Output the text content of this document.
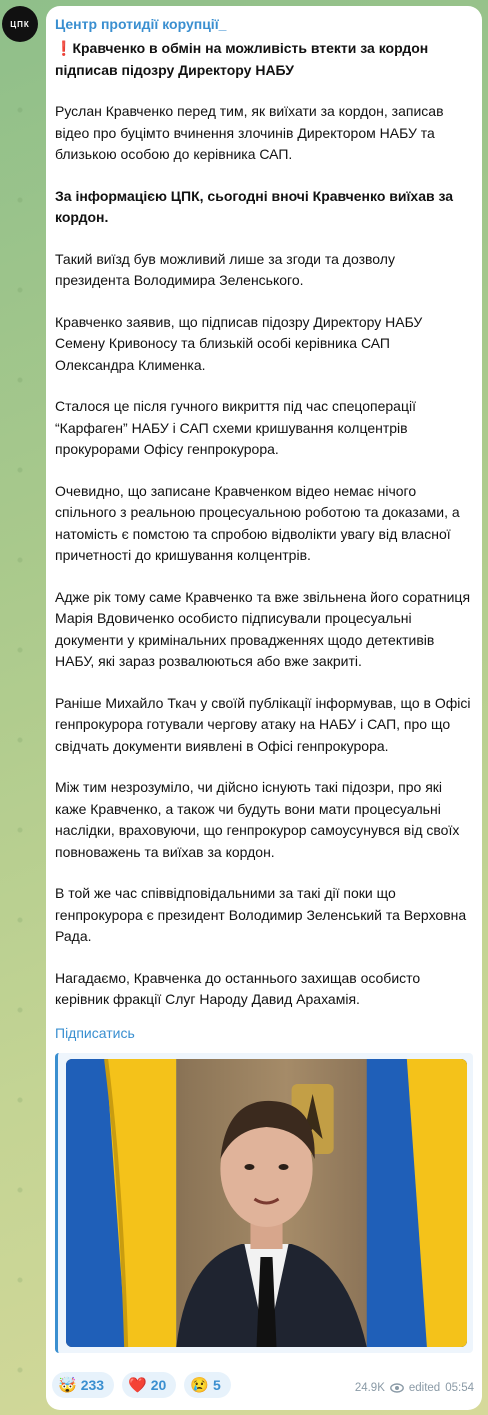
ЦПК Центр протидії корупції_

❗Кравченко в обмін на можливість втекти за кордон підписав підозру Директору НАБУ

Руслан Кравченко перед тим, як виїхати за кордон, записав відео про буцімто вчинення злочинів Директором НАБУ та близькою особою до керівника САП.

За інформацією ЦПК, сьогодні вночі Кравченко виїхав за кордон.

Такий виїзд був можливий лише за згоди та дозволу президента Володимира Зеленського.

Кравченко заявив, що підписав підозру Директору НАБУ Семену Кривоносу та близькій особі керівника САП Олександра Клименка.

Сталося це після гучного викриття під час спецоперації “Карфаген” НАБУ і САП схеми кришування колцентрів прокурорами Офісу генпрокурора.

Очевидно, що записане Кравченком відео немає нічого спільного з реальною процесуальною роботою та доказами, а натомість є помстою та спробою відволікти увагу від власної причетності до кришування колцентрів.

Адже рік тому саме Кравченко та вже звільнена його соратниця Марія Вдовиченко особисто підписували процесуальні документи у кримінальних провадженнях щодо детективів НАБУ, які зараз розвалюються або вже закриті.

Раніше Михайло Ткач у своїй публікації інформував, що в Офісі генпрокурора готували чергову атаку на НАБУ і САП, про що свідчать документи виявлені в Офісі генпрокурора.

Між тим незрозуміло, чи дійсно існують такі підозри, про які каже Кравченко, а також чи будуть вони мати процесуальні наслідки, враховуючи, що генпрокурор самоусунувся від своїх повноважень та виїхав за кордон.

В той же час співвідповідальними за такі дії поки що генпрокурора є президент Володимир Зеленський та Верховна Рада.

Нагадаємо, Кравченка до останнього захищав особисто керівник фракції Слуг Народу Давид Арахамія.

Підписатись
🤯 233 ❤️ 20 😢 5	24.9K edited 05:54
